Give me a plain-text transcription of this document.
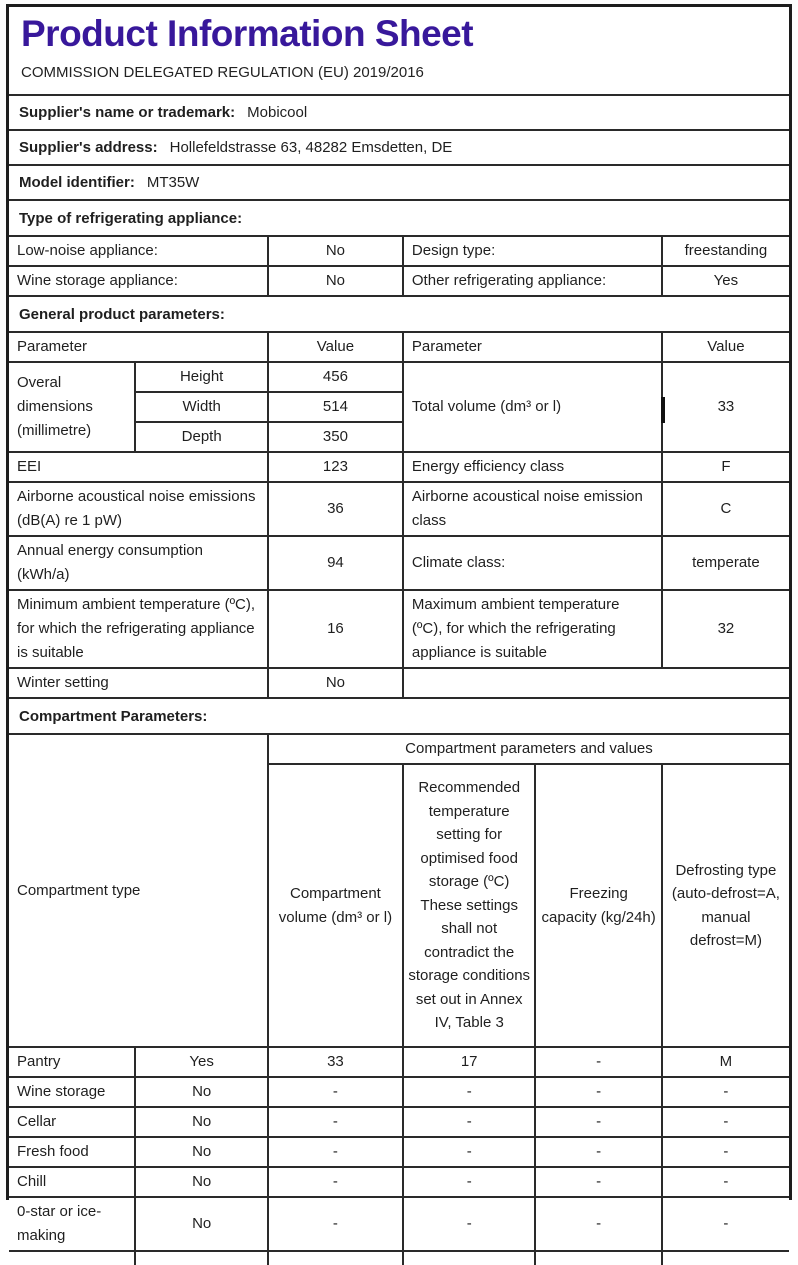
Product Information Sheet
COMMISSION DELEGATED REGULATION (EU) 2019/2016
Supplier's name or trademark: Mobicool
Supplier's address: Hollefeldstrasse 63, 48282 Emsdetten, DE
Model identifier: MT35W
Type of refrigerating appliance:
Low-noise appliance:	No	Design type:	freestanding
Wine storage appliance:	No	Other refrigerating appliance:	Yes
General product parameters:
Parameter		Value	Parameter	Value
Overal dimensions (millimetre)	Height	456	Total volume (dm³ or l)	33
	Width	514		
	Depth	350		
EEI		123	Energy efficiency class	F
Airborne acoustical noise emissions (dB(A) re 1 pW)		36	Airborne acoustical noise emission class	C
Annual energy consumption (kWh/a)		94	Climate class:	temperate
Minimum ambient temperature (ºC), for which the refrigerating appliance is suitable		16	Maximum ambient temperature (ºC), for which the refrigerating appliance is suitable	32
Winter setting		No		
Compartment Parameters:
Compartment type		Compartment parameters and values			
		Compartment volume (dm³ or l)	Recommended temperature setting for optimised food storage (ºC) These settings shall not contradict the storage conditions set out in Annex IV, Table 3	Freezing capacity (kg/24h)	Defrosting type (auto-defrost=A, manual defrost=M)
Pantry	Yes	33	17	-	M
Wine storage	No	-	-	-	-
Cellar	No	-	-	-	-
Fresh food	No	-	-	-	-
Chill	No	-	-	-	-
0-star or ice-making	No	-	-	-	-
